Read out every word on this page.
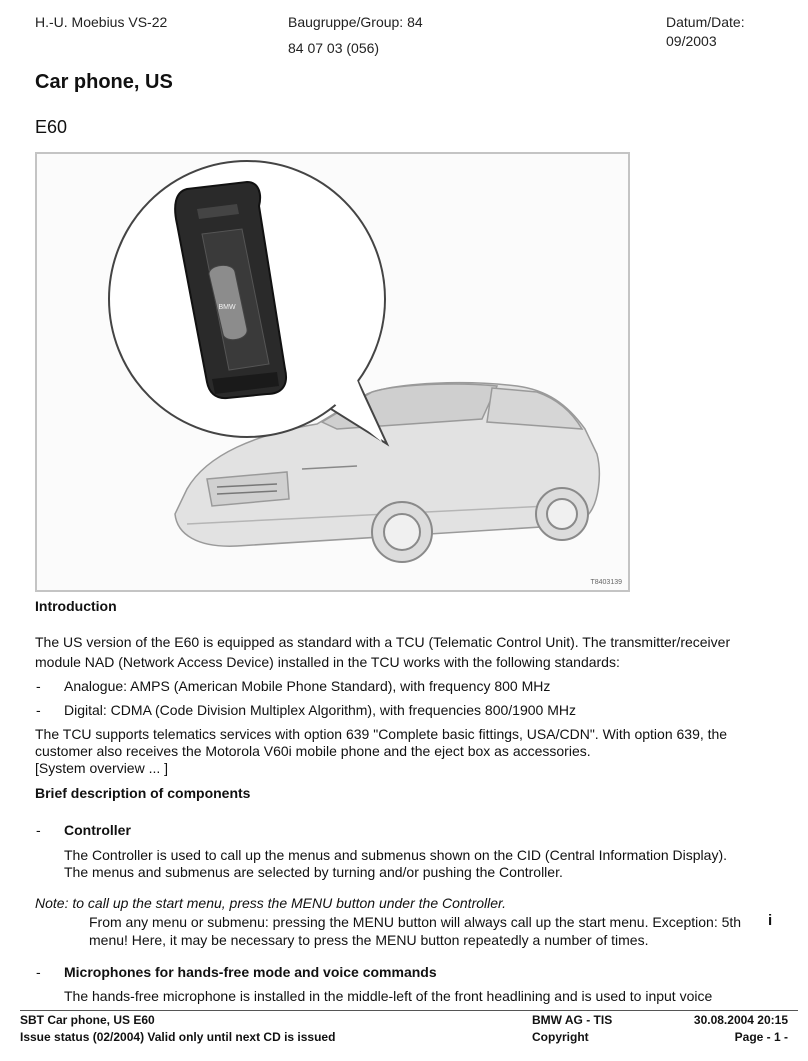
H.-U. Moebius VS-22	Baugruppe/Group: 84
84 07 03 (056)
Datum/Date:
09/2003
Car phone, US
E60
BMW
T8403139
Introduction
The US version of the E60 is equipped as standard with a TCU (Telematic Control Unit). The transmitter/receiver
module NAD (Network Access Device) installed in the TCU works with the following standards:
- Analogue: AMPS (American Mobile Phone Standard), with frequency 800 MHz
- Digital: CDMA (Code Division Multiplex Algorithm), with frequencies 800/1900 MHz
The TCU supports telematics services with option 639 "Complete basic fittings, USA/CDN". With option 639, the
customer also receives the Motorola V60i mobile phone and the eject box as accessories.
[System overview ... ]
Brief description of components
- Controller
The Controller is used to call up the menus and submenus shown on the CID (Central Information Display).
The menus and submenus are selected by turning and/or pushing the Controller.
Note: to call up the start menu, press the MENU button under the Controller.
From any menu or submenu: pressing the MENU button will always call up the start menu. Exception: 5th i
menu! Here, it may be necessary to press the MENU button repeatedly a number of times.
- Microphones for hands-free mode and voice commands
The hands-free microphone is installed in the middle-left of the front headlining and is used to input voice
SBT Car phone, US E60
Issue status (02/2004) Valid only until next CD is issued
BMW AG - TIS
Copyright
30.08.2004 20:15
Page - 1 -
